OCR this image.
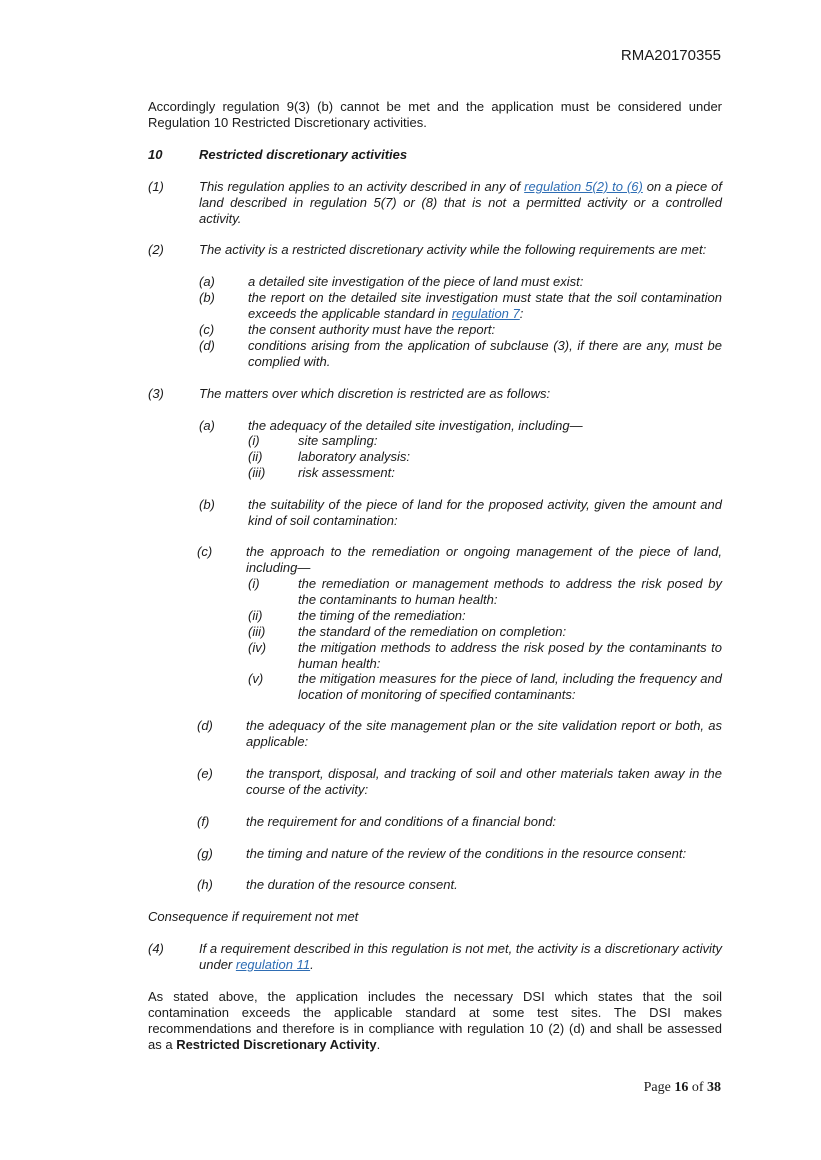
RMA20170355
Accordingly regulation 9(3) (b) cannot be met and the application must be considered under Regulation 10 Restricted Discretionary activities.
10	Restricted discretionary activities
(1)	This regulation applies to an activity described in any of regulation 5(2) to (6) on a piece of land described in regulation 5(7) or (8) that is not a permitted activity or a controlled activity.
(2)	The activity is a restricted discretionary activity while the following requirements are met:
(a)	a detailed site investigation of the piece of land must exist:
(b)	the report on the detailed site investigation must state that the soil contamination exceeds the applicable standard in regulation 7:
(c)	the consent authority must have the report:
(d)	conditions arising from the application of subclause (3), if there are any, must be complied with.
(3)	The matters over which discretion is restricted are as follows:
(a)	the adequacy of the detailed site investigation, including—
(i)	site sampling:
(ii)	laboratory analysis:
(iii)	risk assessment:
(b)	the suitability of the piece of land for the proposed activity, given the amount and kind of soil contamination:
(c)	the approach to the remediation or ongoing management of the piece of land, including—
(i)	the remediation or management methods to address the risk posed by the contaminants to human health:
(ii)	the timing of the remediation:
(iii)	the standard of the remediation on completion:
(iv) the mitigation methods to address the risk posed by the contaminants to human health:
(v)	the mitigation measures for the piece of land, including the frequency and location of monitoring of specified contaminants:
(d)	the adequacy of the site management plan or the site validation report or both, as applicable:
(e)	the transport, disposal, and tracking of soil and other materials taken away in the course of the activity:
(f)	the requirement for and conditions of a financial bond:
(g)	the timing and nature of the review of the conditions in the resource consent:
(h)	the duration of the resource consent.
Consequence if requirement not met
(4)	If a requirement described in this regulation is not met, the activity is a discretionary activity under regulation 11.
As stated above, the application includes the necessary DSI which states that the soil contamination exceeds the applicable standard at some test sites. The DSI makes recommendations and therefore is in compliance with regulation 10 (2) (d) and shall be assessed as a Restricted Discretionary Activity.
Page 16 of 38
